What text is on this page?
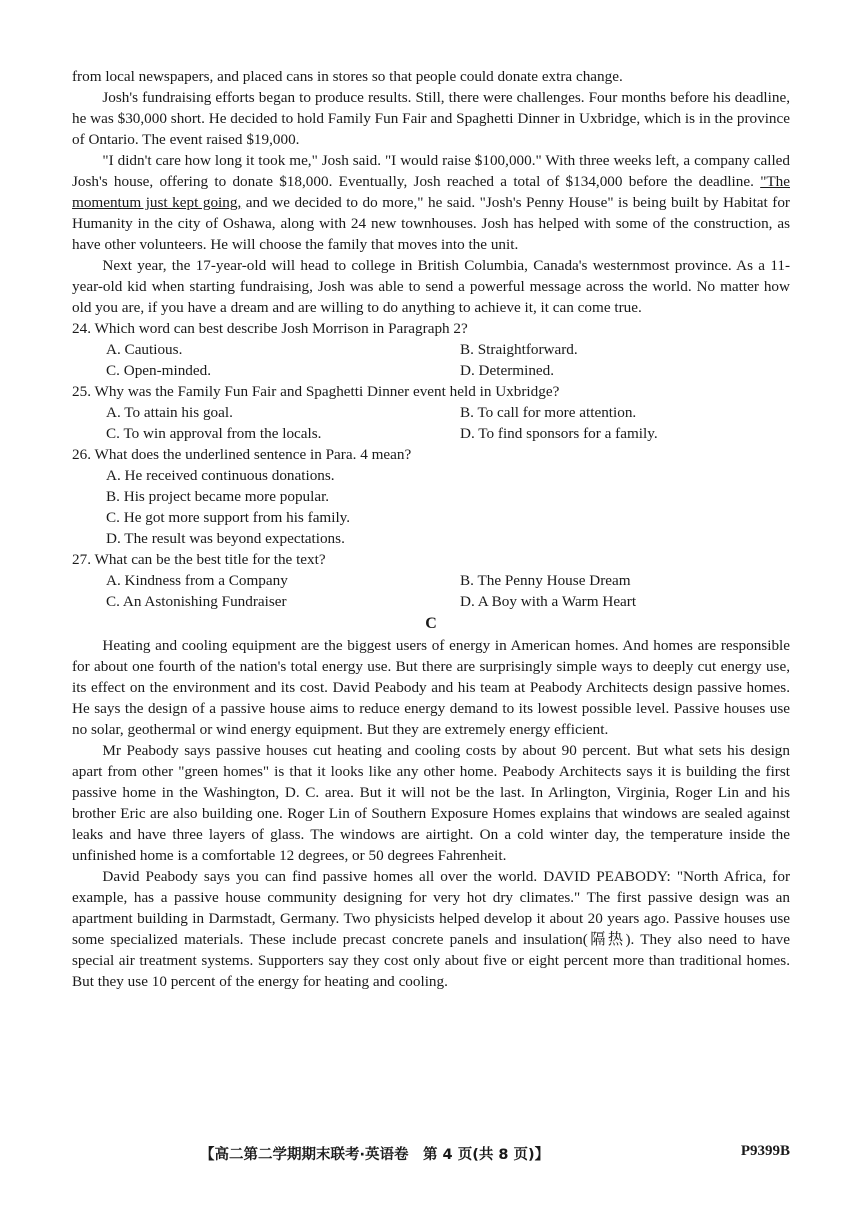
from local newspapers, and placed cans in stores so that people could donate extra change.

Josh's fundraising efforts began to produce results. Still, there were challenges. Four months before his deadline, he was $30,000 short. He decided to hold Family Fun Fair and Spaghetti Dinner in Uxbridge, which is in the province of Ontario. The event raised $19,000.

"I didn't care how long it took me," Josh said. "I would raise $100,000." With three weeks left, a company called Josh's house, offering to donate $18,000. Eventually, Josh reached a total of $134,000 before the deadline. "The momentum just kept going, and we decided to do more," he said. "Josh's Penny House" is being built by Habitat for Humanity in the city of Oshawa, along with 24 new townhouses. Josh has helped with some of the construction, as have other volunteers. He will choose the family that moves into the unit.

Next year, the 17-year-old will head to college in British Columbia, Canada's westernmost province. As a 11-year-old kid when starting fundraising, Josh was able to send a powerful message across the world. No matter how old you are, if you have a dream and are willing to do anything to achieve it, it can come true.

24. Which word can best describe Josh Morrison in Paragraph 2?

A. Cautious.	B. Straightforward.

C. Open-minded.	D. Determined.

25. Why was the Family Fun Fair and Spaghetti Dinner event held in Uxbridge?

A. To attain his goal.	B. To call for more attention.

C. To win approval from the locals.	D. To find sponsors for a family.

26. What does the underlined sentence in Para. 4 mean?

A. He received continuous donations.

B. His project became more popular.

C. He got more support from his family.

D. The result was beyond expectations.

27. What can be the best title for the text?

A. Kindness from a Company	B. The Penny House Dream

C. An Astonishing Fundraiser	D. A Boy with a Warm Heart

C

Heating and cooling equipment are the biggest users of energy in American homes. And homes are responsible for about one fourth of the nation's total energy use. But there are surprisingly simple ways to deeply cut energy use, its effect on the environment and its cost. David Peabody and his team at Peabody Architects design passive homes. He says the design of a passive house aims to reduce energy demand to its lowest possible level. Passive houses use no solar, geothermal or wind energy equipment. But they are extremely energy efficient.

Mr Peabody says passive houses cut heating and cooling costs by about 90 percent. But what sets his design apart from other "green homes" is that it looks like any other home. Peabody Architects says it is building the first passive home in the Washington, D. C. area. But it will not be the last. In Arlington, Virginia, Roger Lin and his brother Eric are also building one. Roger Lin of Southern Exposure Homes explains that windows are sealed against leaks and have three layers of glass. The windows are airtight. On a cold winter day, the temperature inside the unfinished home is a comfortable 12 degrees, or 50 degrees Fahrenheit.

David Peabody says you can find passive homes all over the world. DAVID PEABODY: "North Africa, for example, has a passive house community designing for very hot dry climates." The first passive design was an apartment building in Darmstadt, Germany. Two physicists helped develop it about 20 years ago. Passive houses use some specialized materials. These include precast concrete panels and insulation(隔热). They also need to have special air treatment systems. Supporters say they cost only about five or eight percent more than traditional homes. But they use 10 percent of the energy for heating and cooling.

【高二第二学期期末联考·英语卷　第 4 页(共 8 页)】	P9399B
